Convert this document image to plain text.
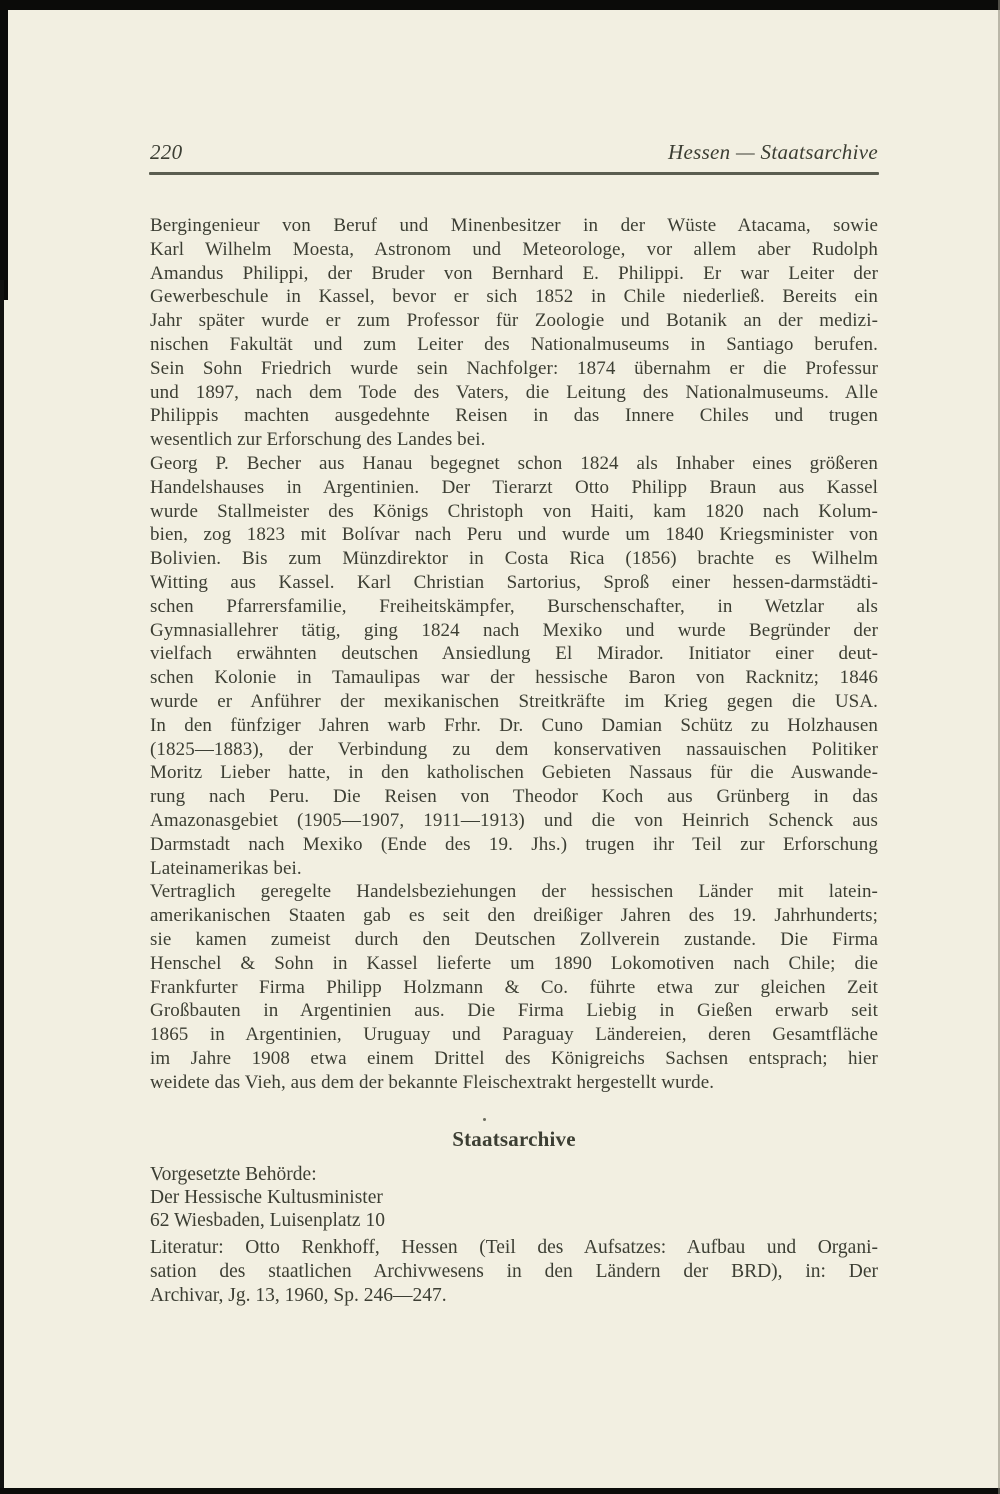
220	Hessen — Staatsarchive
Bergingenieur von Beruf und Minenbesitzer in der Wüste Atacama, sowie
Karl Wilhelm Moesta, Astronom und Meteorologe, vor allem aber Rudolph
Amandus Philippi, der Bruder von Bernhard E. Philippi. Er war Leiter der
Gewerbeschule in Kassel, bevor er sich 1852 in Chile niederließ. Bereits ein
Jahr später wurde er zum Professor für Zoologie und Botanik an der medizi-
nischen Fakultät und zum Leiter des Nationalmuseums in Santiago berufen.
Sein Sohn Friedrich wurde sein Nachfolger: 1874 übernahm er die Professur
und 1897, nach dem Tode des Vaters, die Leitung des Nationalmuseums. Alle
Philippis machten ausgedehnte Reisen in das Innere Chiles und trugen
wesentlich zur Erforschung des Landes bei.
Georg P. Becher aus Hanau begegnet schon 1824 als Inhaber eines größeren
Handelshauses in Argentinien. Der Tierarzt Otto Philipp Braun aus Kassel
wurde Stallmeister des Königs Christoph von Haiti, kam 1820 nach Kolum-
bien, zog 1823 mit Bolívar nach Peru und wurde um 1840 Kriegsminister von
Bolivien. Bis zum Münzdirektor in Costa Rica (1856) brachte es Wilhelm
Witting aus Kassel. Karl Christian Sartorius, Sproß einer hessen-darmstädti-
schen Pfarrersfamilie, Freiheitskämpfer, Burschenschafter, in Wetzlar als
Gymnasiallehrer tätig, ging 1824 nach Mexiko und wurde Begründer der
vielfach erwähnten deutschen Ansiedlung El Mirador. Initiator einer deut-
schen Kolonie in Tamaulipas war der hessische Baron von Racknitz; 1846
wurde er Anführer der mexikanischen Streitkräfte im Krieg gegen die USA.
In den fünfziger Jahren warb Frhr. Dr. Cuno Damian Schütz zu Holzhausen
(1825—1883), der Verbindung zu dem konservativen nassauischen Politiker
Moritz Lieber hatte, in den katholischen Gebieten Nassaus für die Auswande-
rung nach Peru. Die Reisen von Theodor Koch aus Grünberg in das
Amazonasgebiet (1905—1907, 1911—1913) und die von Heinrich Schenck aus
Darmstadt nach Mexiko (Ende des 19. Jhs.) trugen ihr Teil zur Erforschung
Lateinamerikas bei.
Vertraglich geregelte Handelsbeziehungen der hessischen Länder mit latein-
amerikanischen Staaten gab es seit den dreißiger Jahren des 19. Jahrhunderts;
sie kamen zumeist durch den Deutschen Zollverein zustande. Die Firma
Henschel & Sohn in Kassel lieferte um 1890 Lokomotiven nach Chile; die
Frankfurter Firma Philipp Holzmann & Co. führte etwa zur gleichen Zeit
Großbauten in Argentinien aus. Die Firma Liebig in Gießen erwarb seit
1865 in Argentinien, Uruguay und Paraguay Ländereien, deren Gesamtfläche
im Jahre 1908 etwa einem Drittel des Königreichs Sachsen entsprach; hier
weidete das Vieh, aus dem der bekannte Fleischextrakt hergestellt wurde.
Staatsarchive
Vorgesetzte Behörde:
Der Hessische Kultusminister
62 Wiesbaden, Luisenplatz 10
Literatur: Otto Renkhoff, Hessen (Teil des Aufsatzes: Aufbau und Organi-
sation des staatlichen Archivwesens in den Ländern der BRD), in: Der
Archivar, Jg. 13, 1960, Sp. 246—247.
